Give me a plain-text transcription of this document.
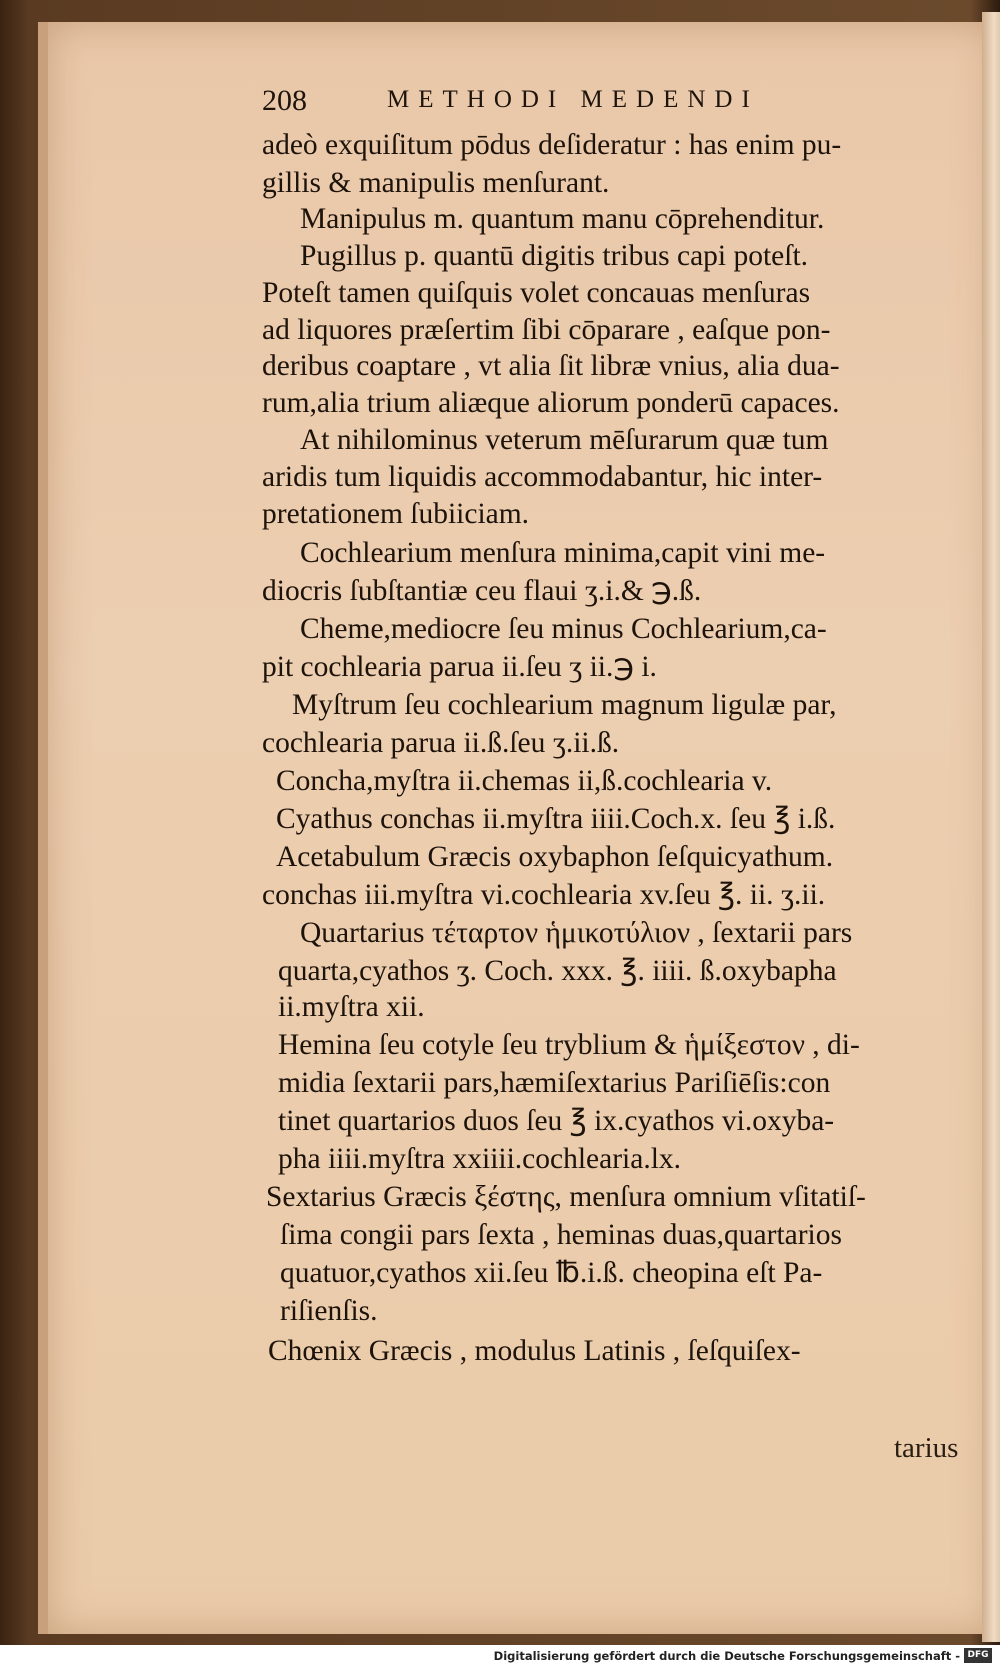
208	METHODI MEDENDI
adeò exquiſitum pōdus deſideratur : has enim pu-
gillis & manipulis menſurant.
Manipulus m. quantum manu cōprehenditur.
Pugillus p. quantū digitis tribus capi poteſt.
Poteſt tamen quiſquis volet concauas menſuras
ad liquores præſertim ſibi cōparare , eaſque pon-
deribus coaptare , vt alia ſit libræ vnius, alia dua-
rum,alia trium aliæque aliorum ponderū capaces.
At nihilominus veterum mēſurarum quæ tum
aridis tum liquidis accommodabantur, hic inter-
pretationem ſubiiciam.
Cochlearium menſura minima,capit vini me-
diocris ſubſtantiæ ceu flaui ʒ.i.& ℈.ß.
Cheme,mediocre ſeu minus Cochlearium,ca-
pit cochlearia parua ii.ſeu ʒ ii.℈ i.
Myſtrum ſeu cochlearium magnum ligulæ par,
cochlearia parua ii.ß.ſeu ʒ.ii.ß.
Concha,myſtra ii.chemas ii,ß.cochlearia v.
Cyathus conchas ii.myſtra iiii.Coch.x. ſeu ℥ i.ß.
Acetabulum Græcis oxybaphon ſeſquicyathum.
conchas iii.myſtra vi.cochlearia xv.ſeu ℥. ii. ʒ.ii.
Quartarius τέταρτον ἡμικοτύλιον , ſextarii pars
quarta,cyathos ʒ. Coch. xxx. ℥. iiii. ß.oxybapha
ii.myſtra xii.
Hemina ſeu cotyle ſeu tryblium & ἡμίξεστον , di-
midia ſextarii pars,hæmiſextarius Pariſiēſis:con
tinet quartarios duos ſeu ℥ ix.cyathos vi.oxyba-
pha iiii.myſtra xxiiii.cochlearia.lx.
Sextarius Græcis ξέστης, menſura omnium vſitatiſ-
ſima congii pars ſexta , heminas duas,quartarios
quatuor,cyathos xii.ſeu ℔.i.ß. cheopina eſt Pa-
riſienſis.
Chœnix Græcis , modulus Latinis , ſeſquiſex-
tarius
Digitalisierung gefördert durch die Deutsche Forschungsgemeinschaft - DFG
